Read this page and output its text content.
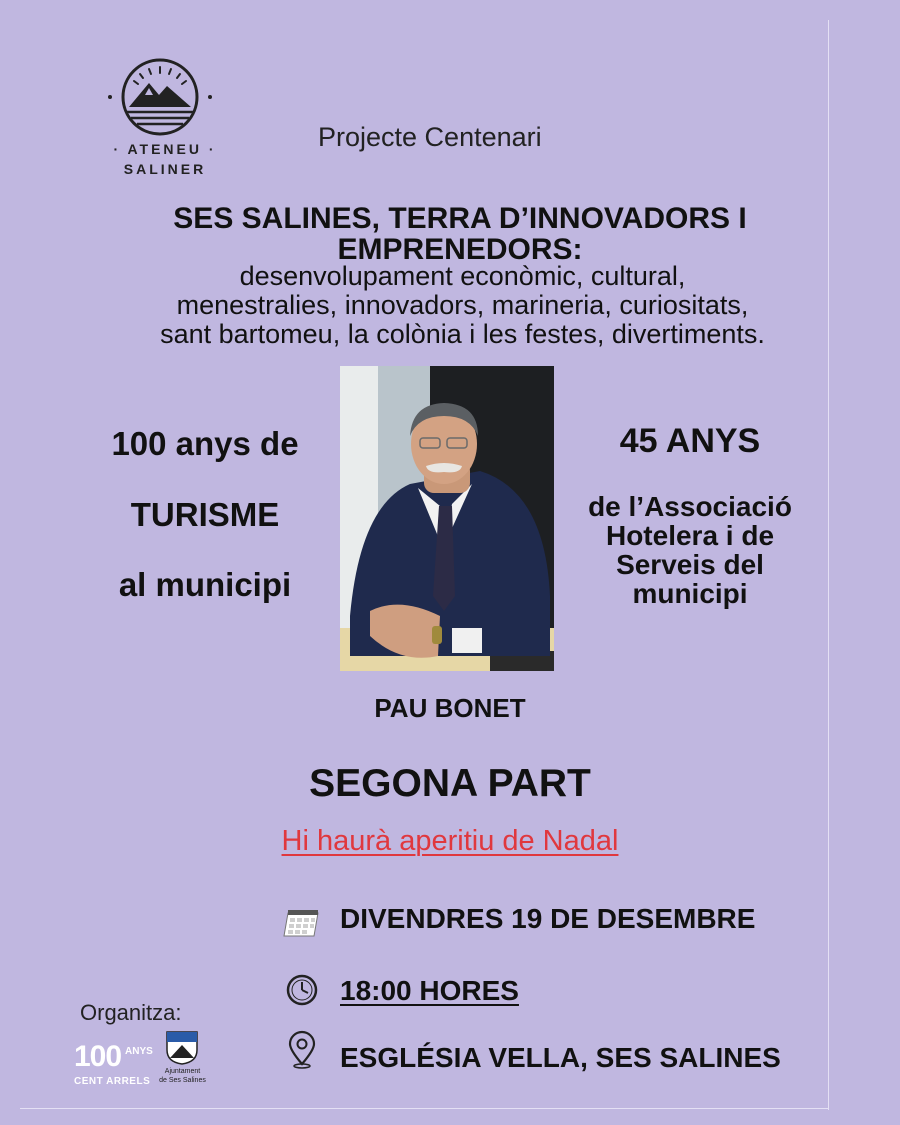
· ATENEU ·
SALINER
Projecte Centenari
SES SALINES, TERRA D’INNOVADORS I
EMPRENEDORS:
desenvolupament econòmic, cultural,
menestralies, innovadors, marineria, curiositats,
sant bartomeu, la colònia i les festes, divertiments.
100 anys de
TURISME
al municipi
45 ANYS
de l’Associació
Hotelera i de
Serveis del
municipi
PAU BONET
SEGONA PART
Hi haurà aperitiu de Nadal
DIVENDRES 19 DE DESEMBRE
18:00 HORES
ESGLÉSIA VELLA, SES SALINES
Organitza:
100 ANYS
CENT ARRELS
Ajuntament
de Ses Salines
